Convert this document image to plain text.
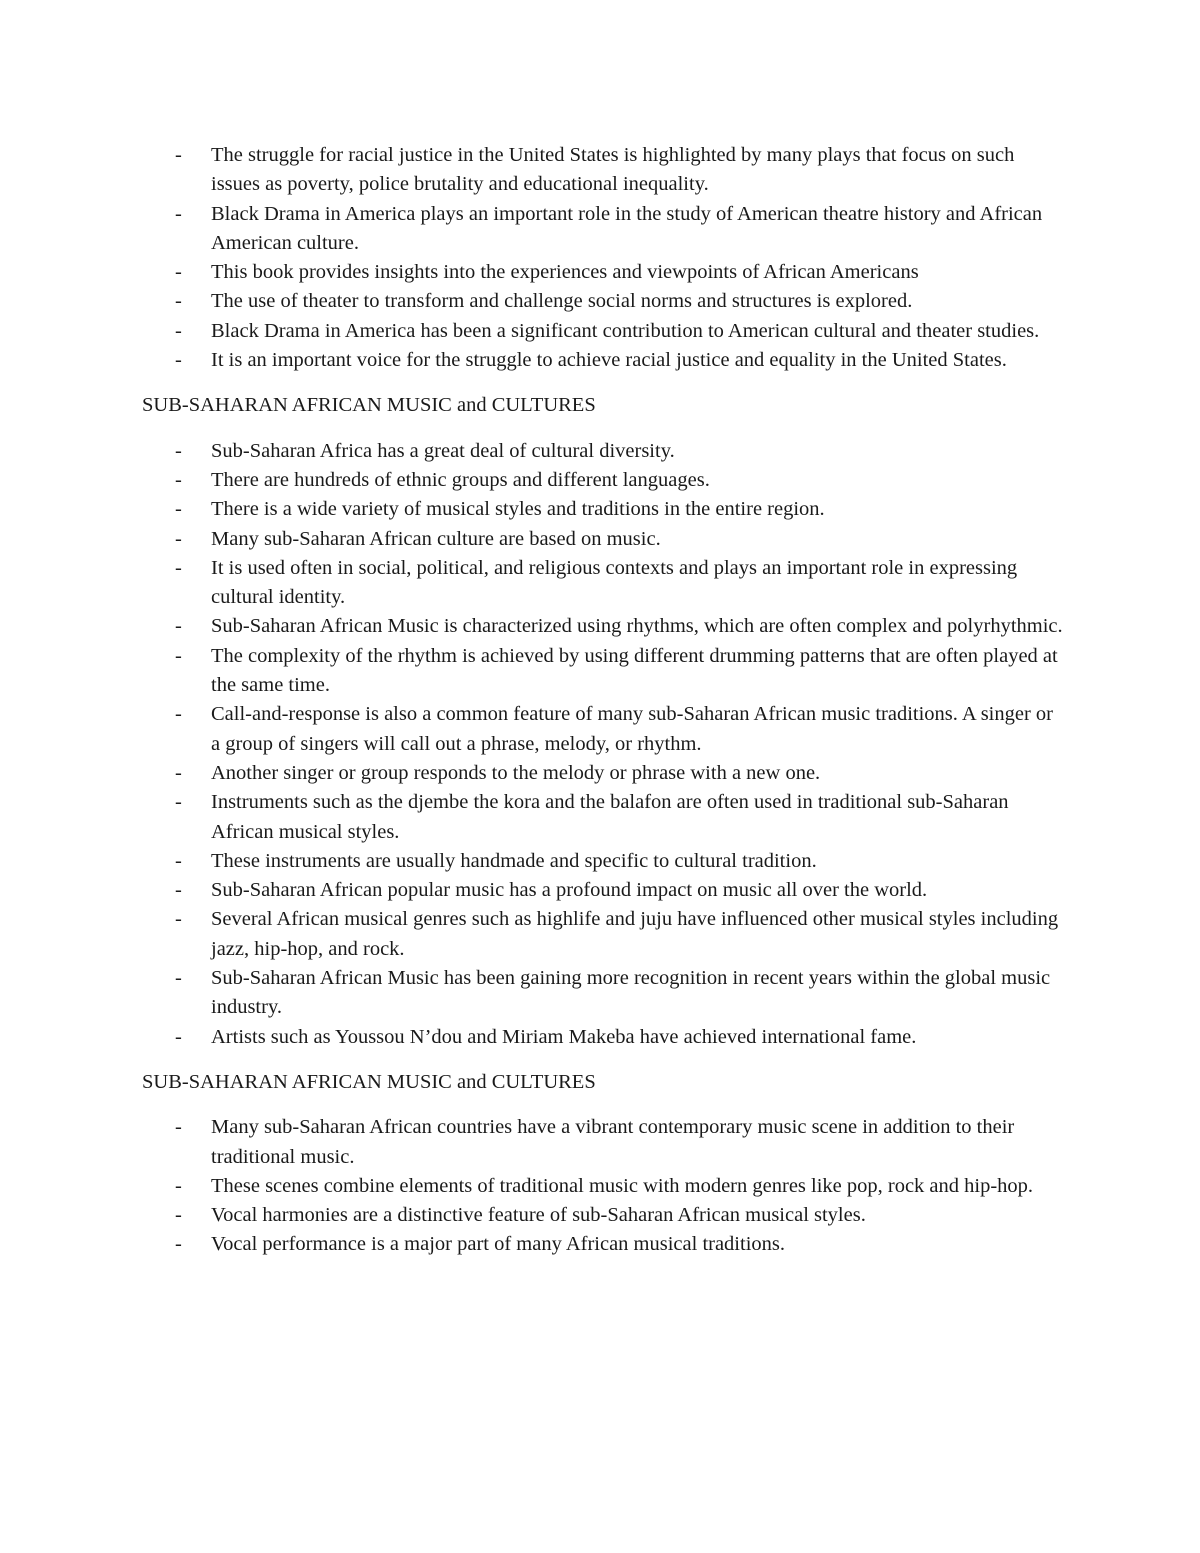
- The struggle for racial justice in the United States is highlighted by many plays that focus on such issues as poverty, police brutality and educational inequality.
- Black Drama in America plays an important role in the study of American theatre history and African American culture.
- This book provides insights into the experiences and viewpoints of African Americans
- The use of theater to transform and challenge social norms and structures is explored.
- Black Drama in America has been a significant contribution to American cultural and theater studies.
- It is an important voice for the struggle to achieve racial justice and equality in the United States.

SUB-SAHARAN AFRICAN MUSIC and CULTURES

- Sub-Saharan Africa has a great deal of cultural diversity.
- There are hundreds of ethnic groups and different languages.
- There is a wide variety of musical styles and traditions in the entire region.
- Many sub-Saharan African culture are based on music.
- It is used often in social, political, and religious contexts and plays an important role in expressing cultural identity.
- Sub-Saharan African Music is characterized using rhythms, which are often complex and polyrhythmic.
- The complexity of the rhythm is achieved by using different drumming patterns that are often played at the same time.
- Call-and-response is also a common feature of many sub-Saharan African music traditions. A singer or a group of singers will call out a phrase, melody, or rhythm.
- Another singer or group responds to the melody or phrase with a new one.
- Instruments such as the djembe the kora and the balafon are often used in traditional sub-Saharan African musical styles.
- These instruments are usually handmade and specific to cultural tradition.
- Sub-Saharan African popular music has a profound impact on music all over the world.
- Several African musical genres such as highlife and juju have influenced other musical styles including jazz, hip-hop, and rock.
- Sub-Saharan African Music has been gaining more recognition in recent years within the global music industry.
- Artists such as Youssou N’dou and Miriam Makeba have achieved international fame.

SUB-SAHARAN AFRICAN MUSIC and CULTURES

- Many sub-Saharan African countries have a vibrant contemporary music scene in addition to their traditional music.
- These scenes combine elements of traditional music with modern genres like pop, rock and hip-hop.
- Vocal harmonies are a distinctive feature of sub-Saharan African musical styles.
- Vocal performance is a major part of many African musical traditions.
